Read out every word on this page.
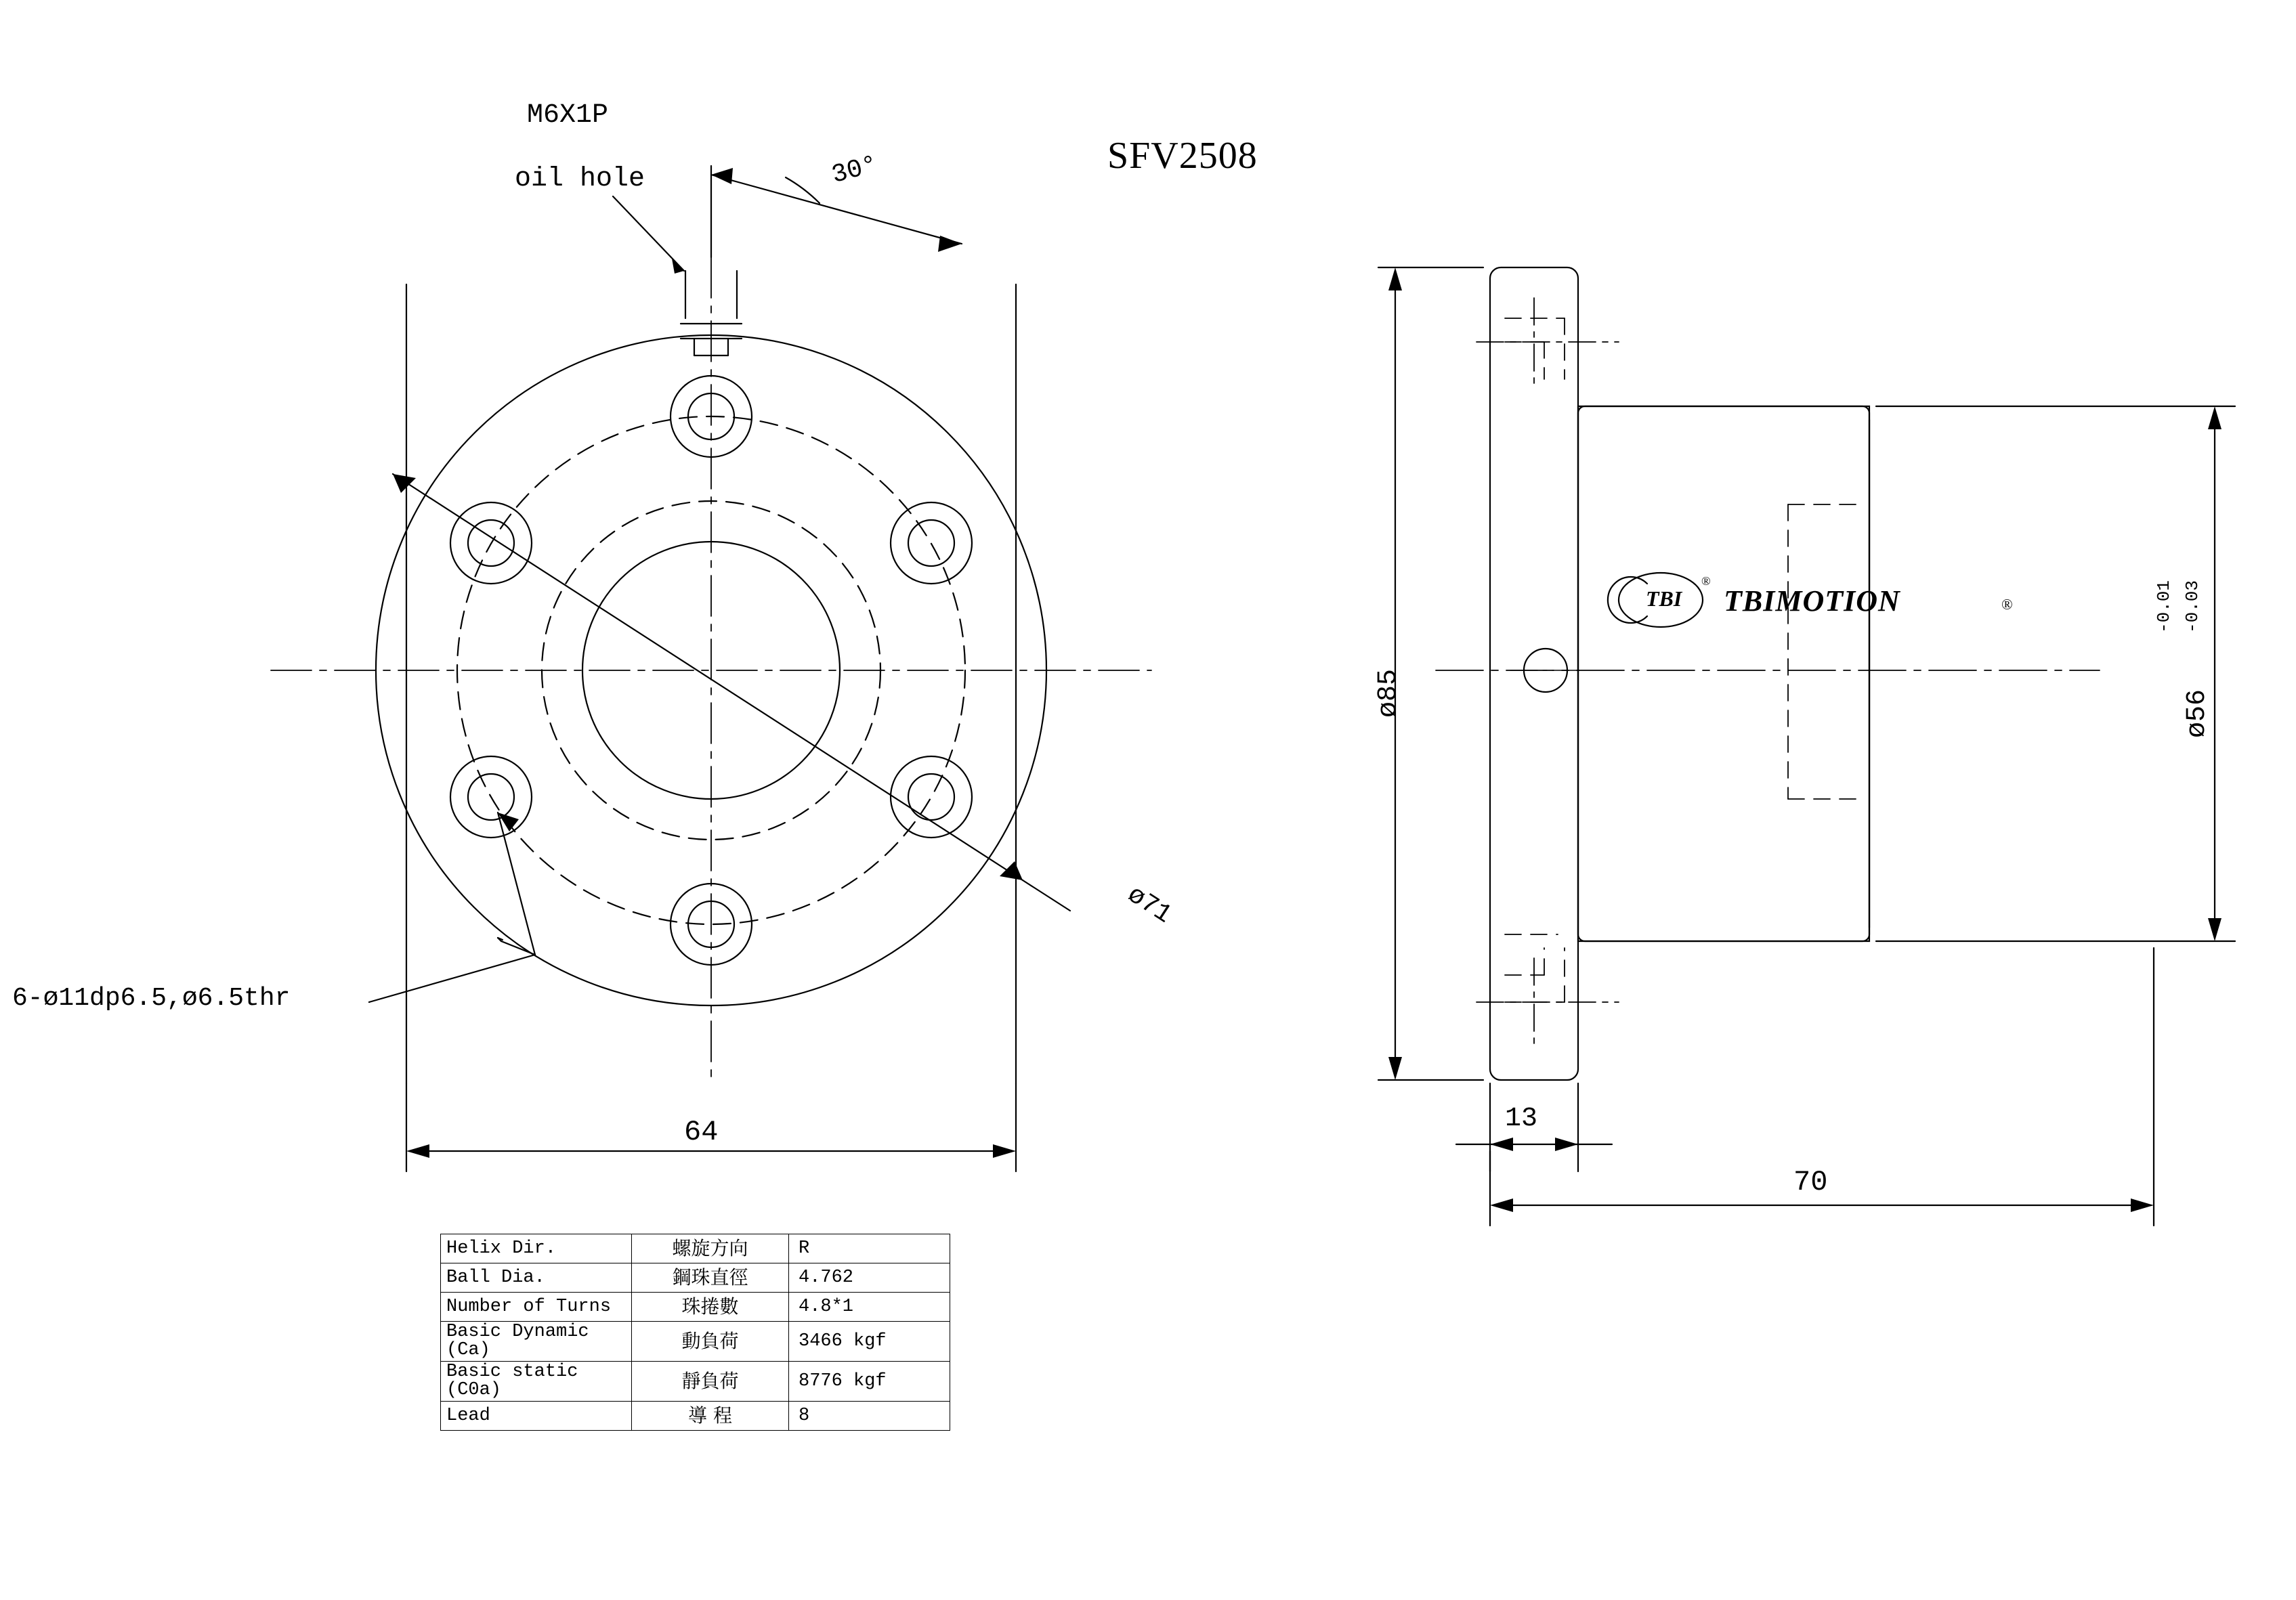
M6X1P
oil hole	30°	SFV2508
ø71
6-ø11dp6.5,ø6.5thr
64
ø85	ø56
-0.01 -0.03
13
70
TBI TBIMOTION	®
®
Helix Dir.	螺旋方向	R
Ball Dia.	鋼珠直徑	4.762
Number of Turns	珠捲數	4.8*1
Basic Dynamic (Ca)	動負荷	3466 kgf
Basic static (C0a)	靜負荷	8776 kgf
Lead	導 程	8
